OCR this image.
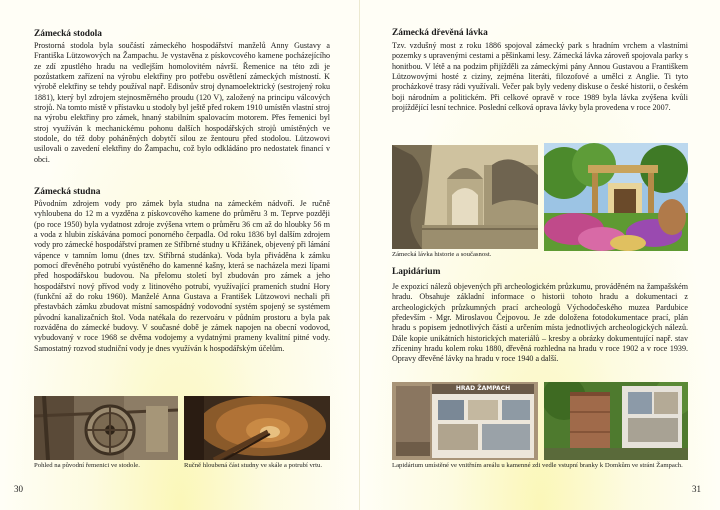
Zámecká stodola

Prostorná stodola byla součástí zámeckého hospodářství manželů Anny Gustavy a Františka Lützowových na Žampachu. Je vystavěna z pískovcového kamene pocházejícího ze zdí zpustlého hradu na vedlejším homolovitém návrší. Řemenice na této zdi je pozůstatkem zařízení na výrobu elektřiny pro potřebu osvětlení zámeckých místností. K výrobě elektřiny se tehdy používal např. Edisonův stroj dynamoelektrický (sestrojený roku 1881), který byl zdrojem stejnosměrného proudu (120 V), založený na principu válcových strojů. Na tomto místě v přístavku u stodoly byl ještě před rokem 1910 umístěn vlastní stroj na výrobu elektřiny pro zámek, hnaný stabilním spalovacím motorem. Přes řemenici byl stroj využíván k mechanickému pohonu dalších hospodářských strojů umístěných ve stodole, do též doby poháněných dobytčí silou ze žentouru před stodolou. Lützowovi usilovali o zavedení elektřiny do Žampachu, což bylo odkládáno pro nedostatek financí v obci.

Zámecká studna

Původním zdrojem vody pro zámek byla studna na zámeckém nádvoří. Je ručně vyhloubena do 12 m a vyzděna z pískovcového kamene do průměru 3 m. Teprve později (po roce 1950) byla vydatnost zdroje zvýšena vrtem o průměru 36 cm až do hloubky 56 m a voda z hlubin získávána pomocí ponorného čerpadla. Od roku 1836 byl dalším zdrojem vody pro zámecké hospodářství pramen ze Stříbrné studny u Křižánek, objevený při lámání vápence v tamním lomu (dnes tzv. Stříbrná studánka). Voda byla přiváděna k zámku pomocí dřevěného potrubí vyústěného do kamenné kašny, která se nacházela mezi lípami před hospodářskou budovou. Na přelomu století byl zbudován pro zámek a jeho hospodářství nový přívod vody z litinového potrubí, využívající prameních studní Hory (funkční až do roku 1960). Manželé Anna Gustava a František Lützowovi nechali při přestavbách zámku zbudovat místní samospádný vodovodní systém spojený se systémem původní kanalizačních štol. Voda natékala do rezervoáru v půdním prostoru a byla pak rozváděna do zámecké budovy. V současné době je zámek napojen na obecní vodovod, vybudovaný v roce 1968 se dvěma vodojemy a vydatnými prameny kvalitní pitné vody. Samostatný rozvod studniční vody je dnes využíván k hospodářským účelům.

Pohled na původní řemenici ve stodole.	Ručně hloubená část studny ve skále a potrubí vrtu.

30
Zámecká dřevěná lávka

Tzv. vzdušný most z roku 1886 spojoval zámecký park s hradním vrchem a vlastními pozemky s upravenými cestami a pěšinkami lesy. Zámecká lávka zároveň spojovala parky s honitbou. V létě a na podzim přijížděli za zámeckými pány Annou Gustavou a Františkem Lützowovými hosté z ciziny, zejména literáti, filozofové a umělci z Anglie. Ti tyto procházkové trasy rádi využívali. Večer pak byly vedeny diskuse o české historii, o českém boji národním a politickém. Při celkové opravě v roce 1989 byla lávka zvýšena kvůli projíždějící lesní technice. Poslední celková oprava lávky byla provedena v roce 2007.

Zámecká lávka historie a současnost.

Lapidárium

Je expozicí nálezů objevených při archeologickém průzkumu, prováděném na žampašském hradu. Obsahuje základní informace o historii tohoto hradu a dokumentaci z archeologických průzkumných prací archeologů Východočeského muzea Pardubice především - Mgr. Miroslavou Čejpovou. Je zde doložena fotodokumentace prací, plán hradu s popisem jednotlivých částí a určením místa jednotlivých archeologických nálezů. Dále kopie unikátních historických materiálů – kresby a obrázky dokumentující např. stav zříceniny hradu kolem roku 1880, dřevěná rozhledna na hradu v roce 1902 a v roce 1939. Opravy dřevěné lávky na hradu v roce 1940 a další.

HRAD ŽAMPACH

Lapidárium umístěné ve vnitřním areálu u kamenné zdi vedle vstupní branky k Domkům ve stráni Žampach.

31
